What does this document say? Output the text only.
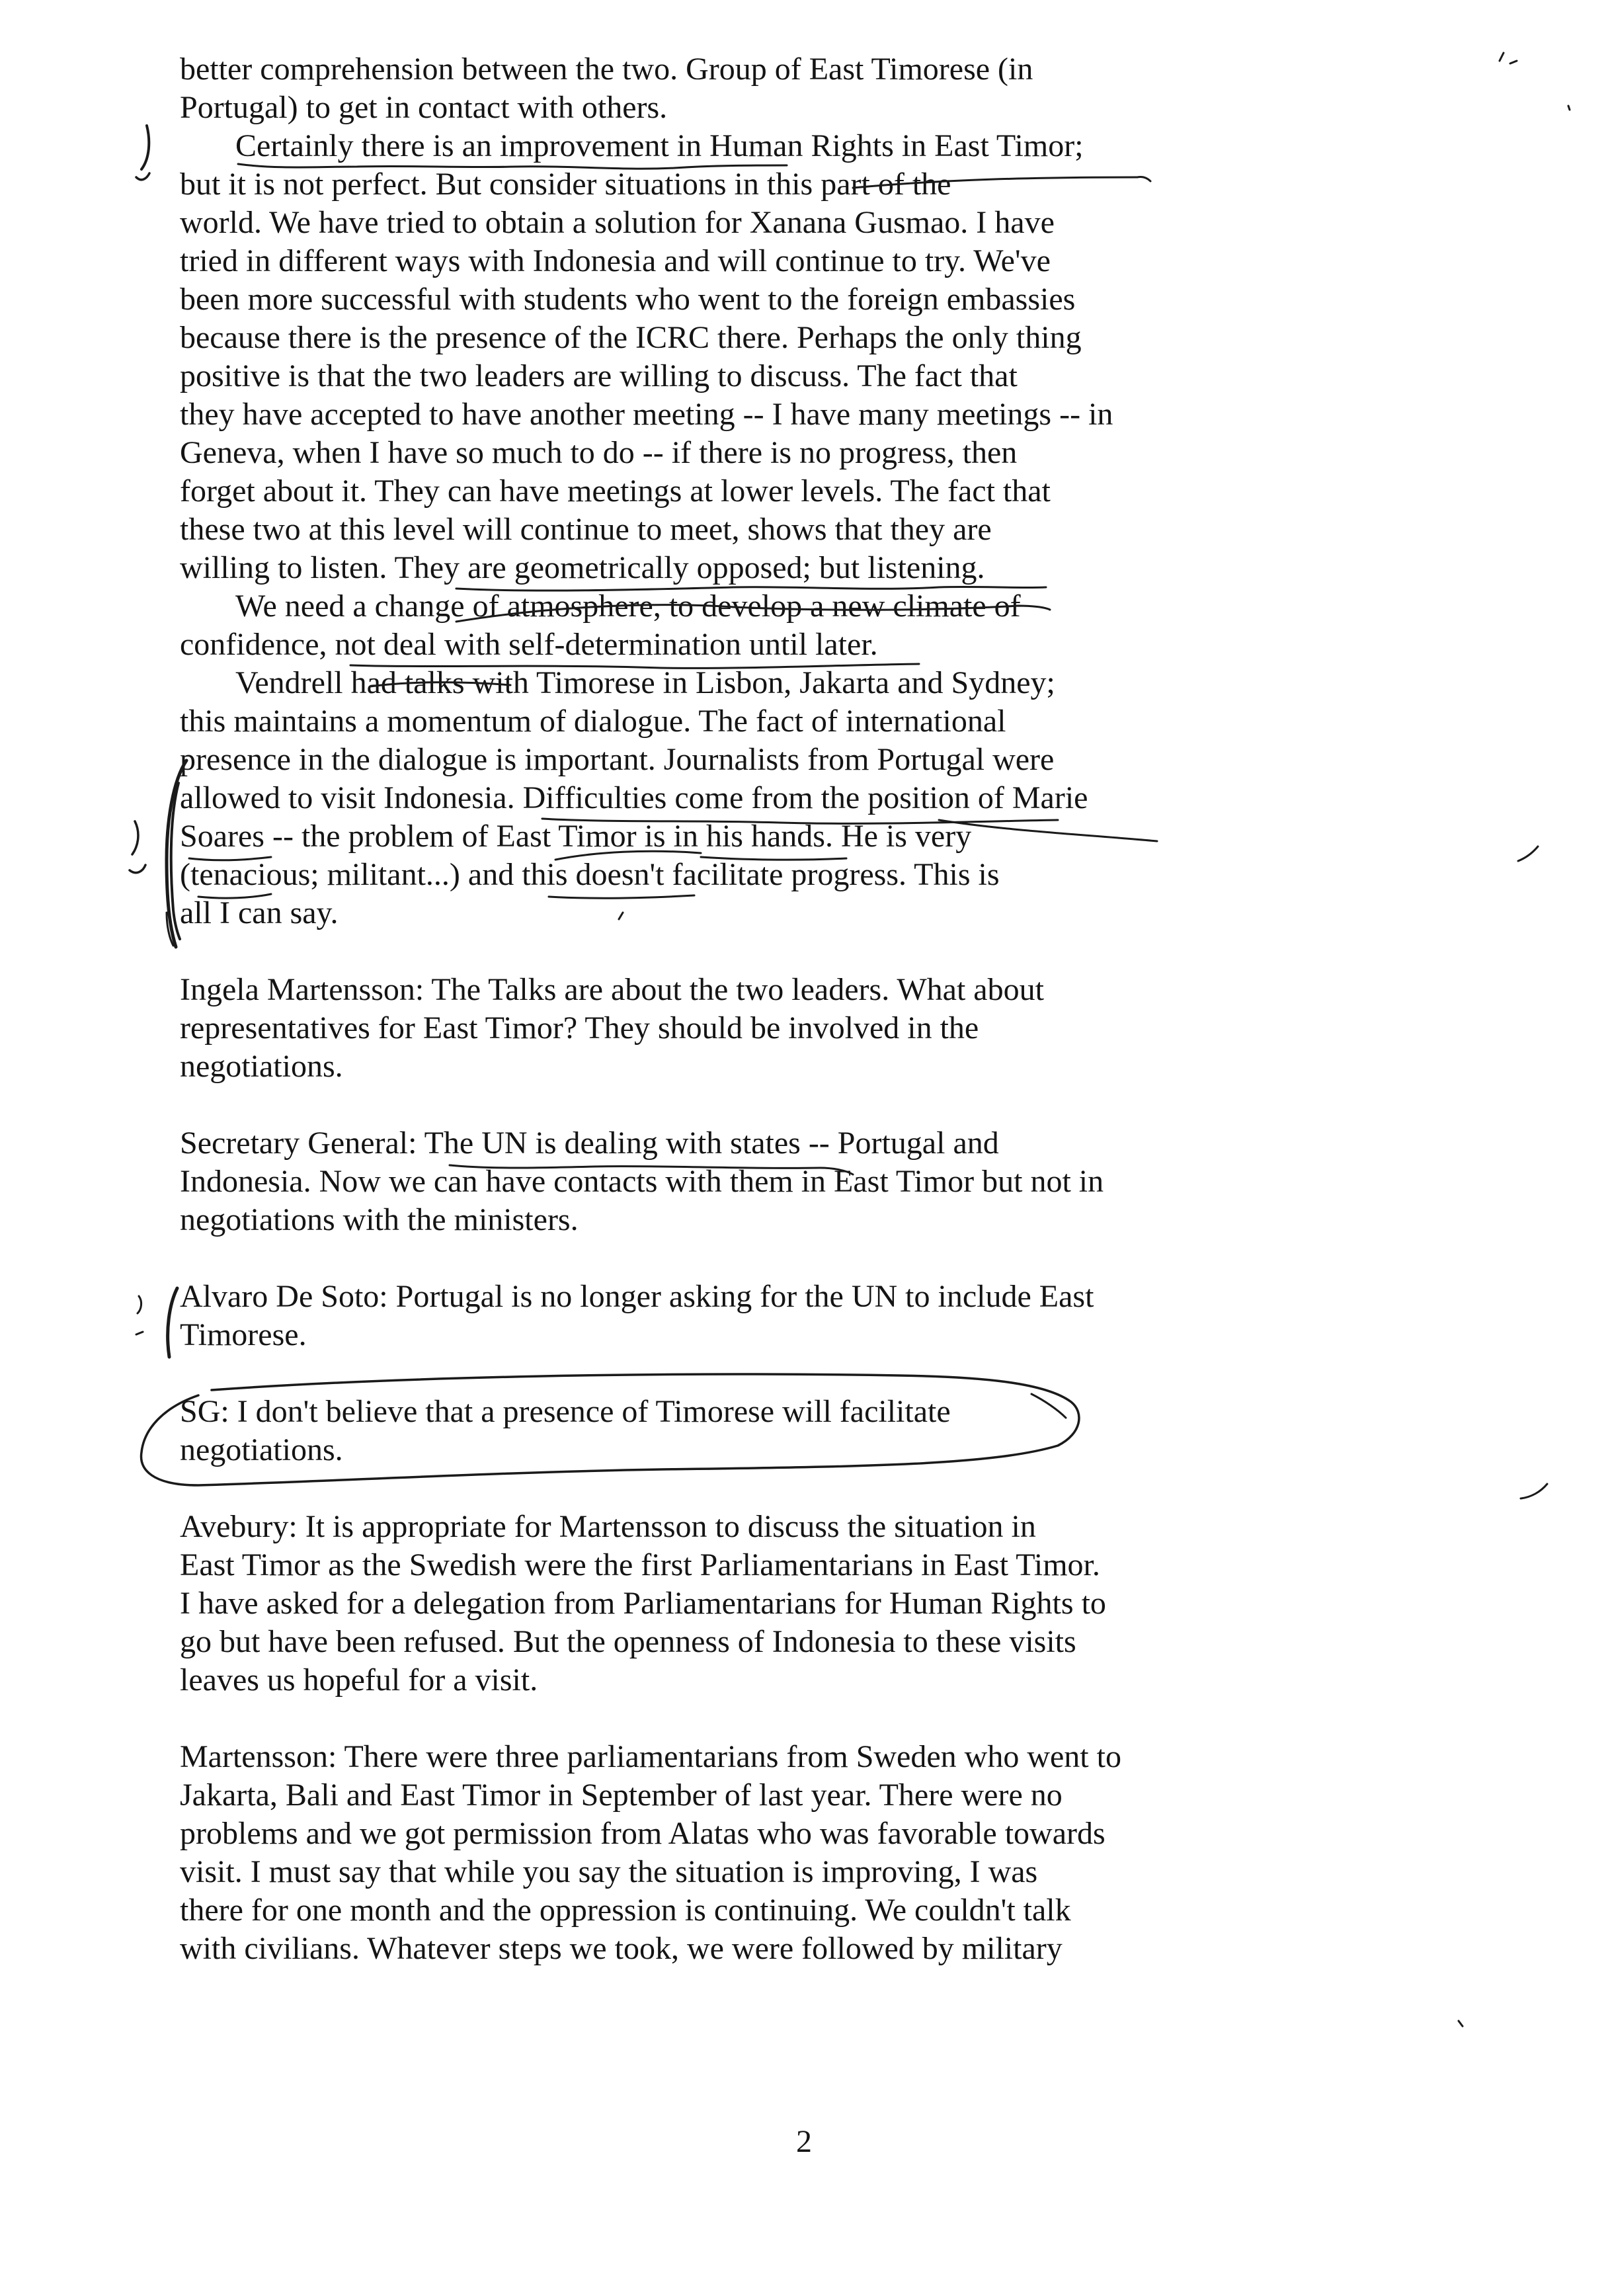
better comprehension between the two. Group of East Timorese (in
Portugal) to get in contact with others.
Certainly there is an improvement in Human Rights in East Timor;
but it is not perfect. But consider situations in this part of the
world. We have tried to obtain a solution for Xanana Gusmao. I have
tried in different ways with Indonesia and will continue to try. We've
been more successful with students who went to the foreign embassies
because there is the presence of the ICRC there. Perhaps the only thing
positive is that the two leaders are willing to discuss. The fact that
they have accepted to have another meeting -- I have many meetings -- in
Geneva, when I have so much to do -- if there is no progress, then
forget about it. They can have meetings at lower levels. The fact that
these two at this level will continue to meet, shows that they are
willing to listen. They are geometrically opposed; but listening.
We need a change of atmosphere, to develop a new climate of
confidence, not deal with self-determination until later.
Vendrell had talks with Timorese in Lisbon, Jakarta and Sydney;
this maintains a momentum of dialogue. The fact of international
presence in the dialogue is important. Journalists from Portugal were
allowed to visit Indonesia. Difficulties come from the position of Marie
Soares -- the problem of East Timor is in his hands. He is very
(tenacious; militant...) and this doesn't facilitate progress. This is
all I can say.
Ingela Martensson: The Talks are about the two leaders. What about
representatives for East Timor? They should be involved in the
negotiations.
Secretary General: The UN is dealing with states -- Portugal and
Indonesia. Now we can have contacts with them in East Timor but not in
negotiations with the ministers.
Alvaro De Soto: Portugal is no longer asking for the UN to include East
Timorese.
SG: I don't believe that a presence of Timorese will facilitate
negotiations.
Avebury: It is appropriate for Martensson to discuss the situation in
East Timor as the Swedish were the first Parliamentarians in East Timor.
I have asked for a delegation from Parliamentarians for Human Rights to
go but have been refused. But the openness of Indonesia to these visits
leaves us hopeful for a visit.
Martensson: There were three parliamentarians from Sweden who went to
Jakarta, Bali and East Timor in September of last year. There were no
problems and we got permission from Alatas who was favorable towards
visit. I must say that while you say the situation is improving, I was
there for one month and the oppression is continuing. We couldn't talk
with civilians. Whatever steps we took, we were followed by military
2
